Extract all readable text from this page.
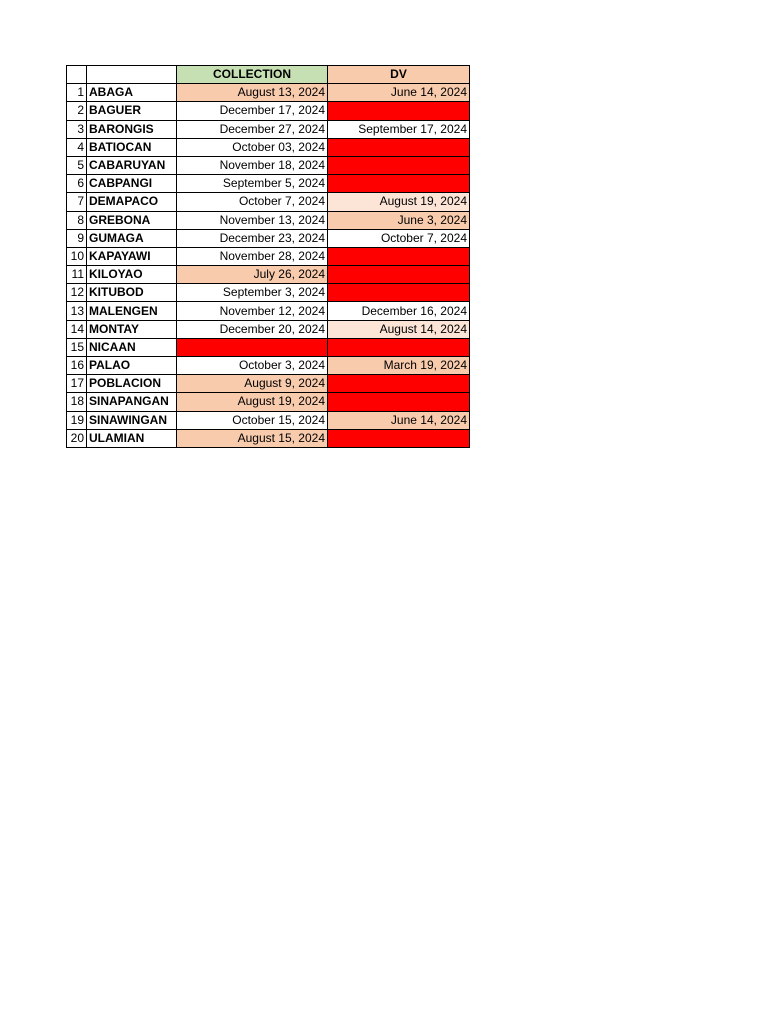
		COLLECTION	DV
1	ABAGA	August 13, 2024	June 14, 2024
2	BAGUER	December 17, 2024	
3	BARONGIS	December 27, 2024	September 17, 2024
4	BATIOCAN	October 03, 2024	
5	CABARUYAN	November 18, 2024	
6	CABPANGI	September 5, 2024	
7	DEMAPACO	October 7, 2024	August 19, 2024
8	GREBONA	November 13, 2024	June 3, 2024
9	GUMAGA	December 23, 2024	October 7, 2024
10	KAPAYAWI	November 28, 2024	
11	KILOYAO	July 26, 2024	
12	KITUBOD	September 3, 2024	
13	MALENGEN	November 12, 2024	December 16, 2024
14	MONTAY	December 20, 2024	August 14, 2024
15	NICAAN		
16	PALAO	October 3, 2024	March 19, 2024
17	POBLACION	August 9, 2024	
18	SINAPANGAN	August 19, 2024	
19	SINAWINGAN	October 15, 2024	June 14, 2024
20	ULAMIAN	August 15, 2024	
